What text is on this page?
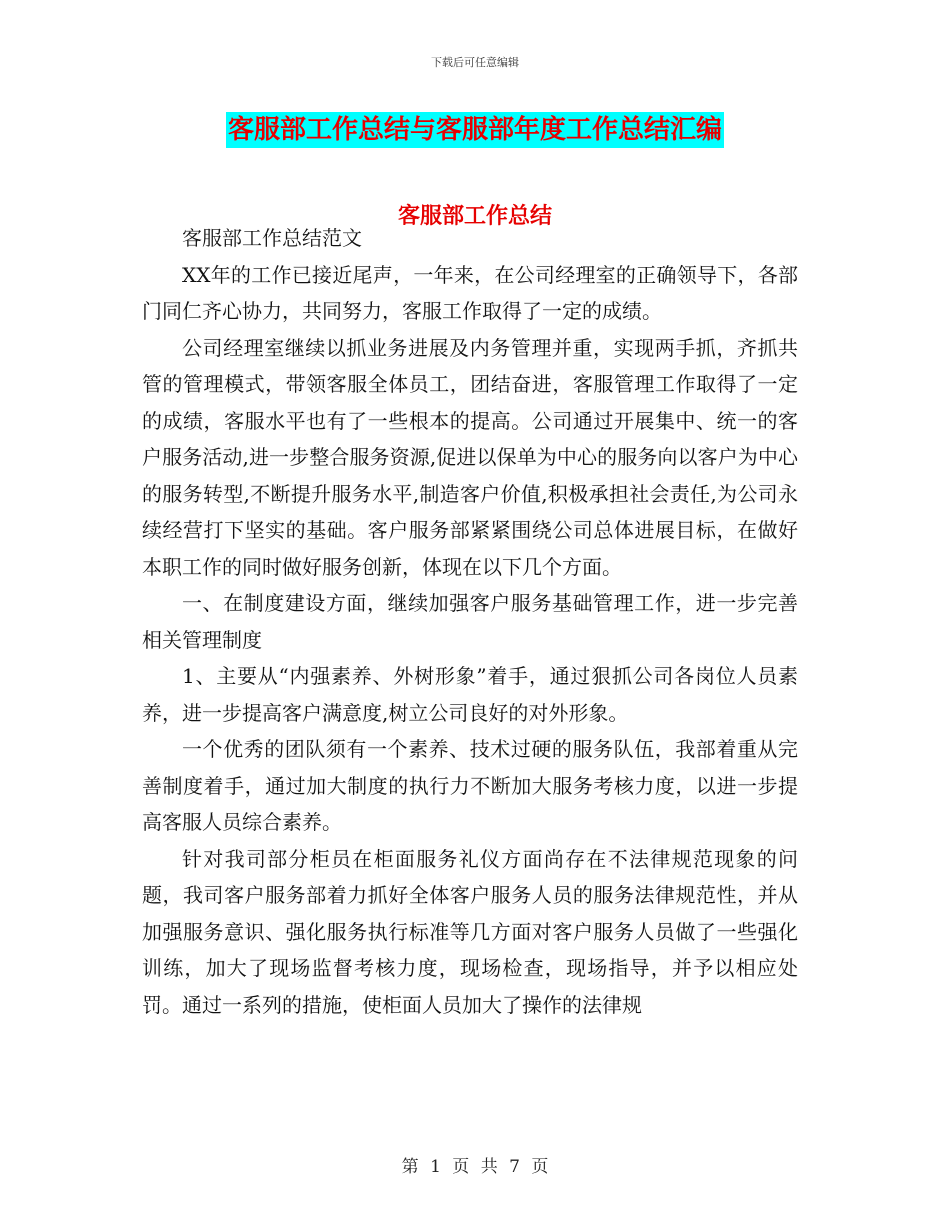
下载后可任意编辑
客服部工作总结与客服部年度工作总结汇编
客服部工作总结

客服部工作总结范文

XX年的工作已接近尾声，一年来，在公司经理室的正确领导下，各部门同仁齐心协力，共同努力，客服工作取得了一定的成绩。

公司经理室继续以抓业务进展及内务管理并重，实现两手抓，齐抓共管的管理模式，带领客服全体员工，团结奋进，客服管理工作取得了一定的成绩，客服水平也有了一些根本的提高。公司通过开展集中、统一的客户服务活动,进一步整合服务资源,促进以保单为中心的服务向以客户为中心的服务转型,不断提升服务水平,制造客户价值,积极承担社会责任,为公司永续经营打下坚实的基础。客户服务部紧紧围绕公司总体进展目标，在做好本职工作的同时做好服务创新，体现在以下几个方面。

一、在制度建设方面，继续加强客户服务基础管理工作，进一步完善相关管理制度

1、主要从“内强素养、外树形象”着手，通过狠抓公司各岗位人员素养，进一步提高客户满意度,树立公司良好的对外形象。

一个优秀的团队须有一个素养、技术过硬的服务队伍，我部着重从完善制度着手，通过加大制度的执行力不断加大服务考核力度，以进一步提高客服人员综合素养。

针对我司部分柜员在柜面服务礼仪方面尚存在不法律规范现象的问题，我司客户服务部着力抓好全体客户服务人员的服务法律规范性，并从加强服务意识、强化服务执行标准等几方面对客户服务人员做了一些强化训练，加大了现场监督考核力度，现场检查，现场指导，并予以相应处罚。通过一系列的措施，使柜面人员加大了操作的法律规

第 1 页 共 7 页
